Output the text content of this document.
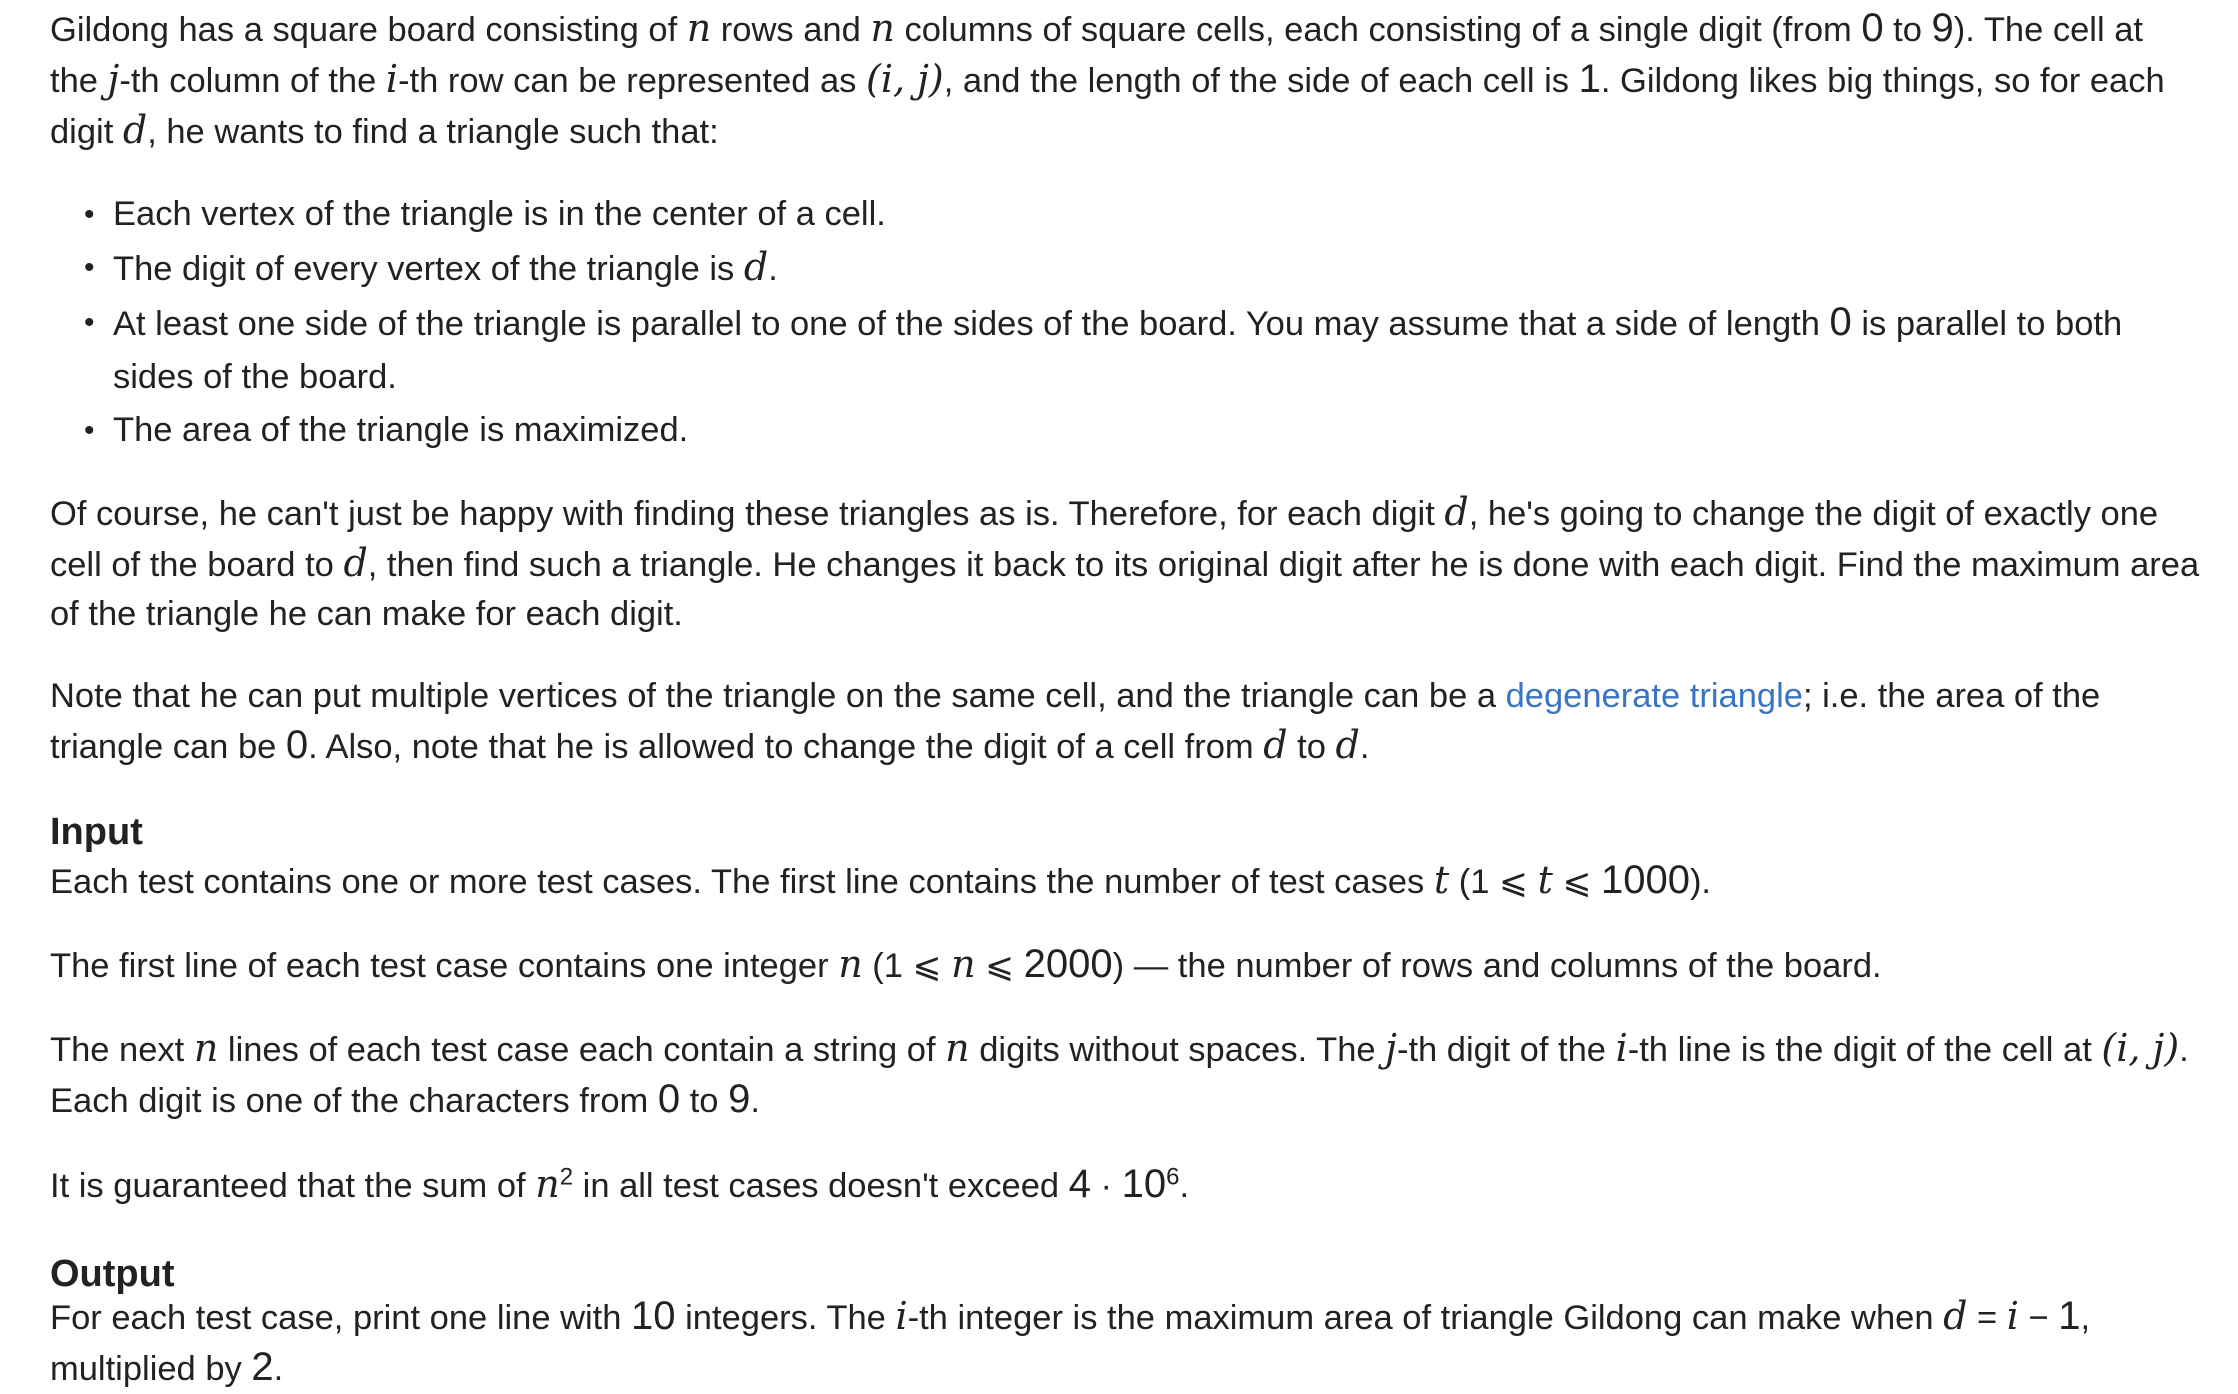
Gildong has a square board consisting of n rows and n columns of square cells, each consisting of a single digit (from 0 to 9). The cell at the j-th column of the i-th row can be represented as (i, j), and the length of the side of each cell is 1. Gildong likes big things, so for each digit d, he wants to find a triangle such that:

• Each vertex of the triangle is in the center of a cell.
• The digit of every vertex of the triangle is d.
• At least one side of the triangle is parallel to one of the sides of the board. You may assume that a side of length 0 is parallel to both sides of the board.
• The area of the triangle is maximized.

Of course, he can't just be happy with finding these triangles as is. Therefore, for each digit d, he's going to change the digit of exactly one cell of the board to d, then find such a triangle. He changes it back to its original digit after he is done with each digit. Find the maximum area of the triangle he can make for each digit.

Note that he can put multiple vertices of the triangle on the same cell, and the triangle can be a degenerate triangle; i.e. the area of the triangle can be 0. Also, note that he is allowed to change the digit of a cell from d to d.

Input

Each test contains one or more test cases. The first line contains the number of test cases t (1 ⩽ t ⩽ 1000).

The first line of each test case contains one integer n (1 ⩽ n ⩽ 2000) — the number of rows and columns of the board.

The next n lines of each test case each contain a string of n digits without spaces. The j-th digit of the i-th line is the digit of the cell at (i, j). Each digit is one of the characters from 0 to 9.

It is guaranteed that the sum of $n^2$ in all test cases doesn't exceed $4 \cdot 10^6$.

Output

For each test case, print one line with 10 integers. The i-th integer is the maximum area of triangle Gildong can make when d = i − 1, multiplied by 2.
